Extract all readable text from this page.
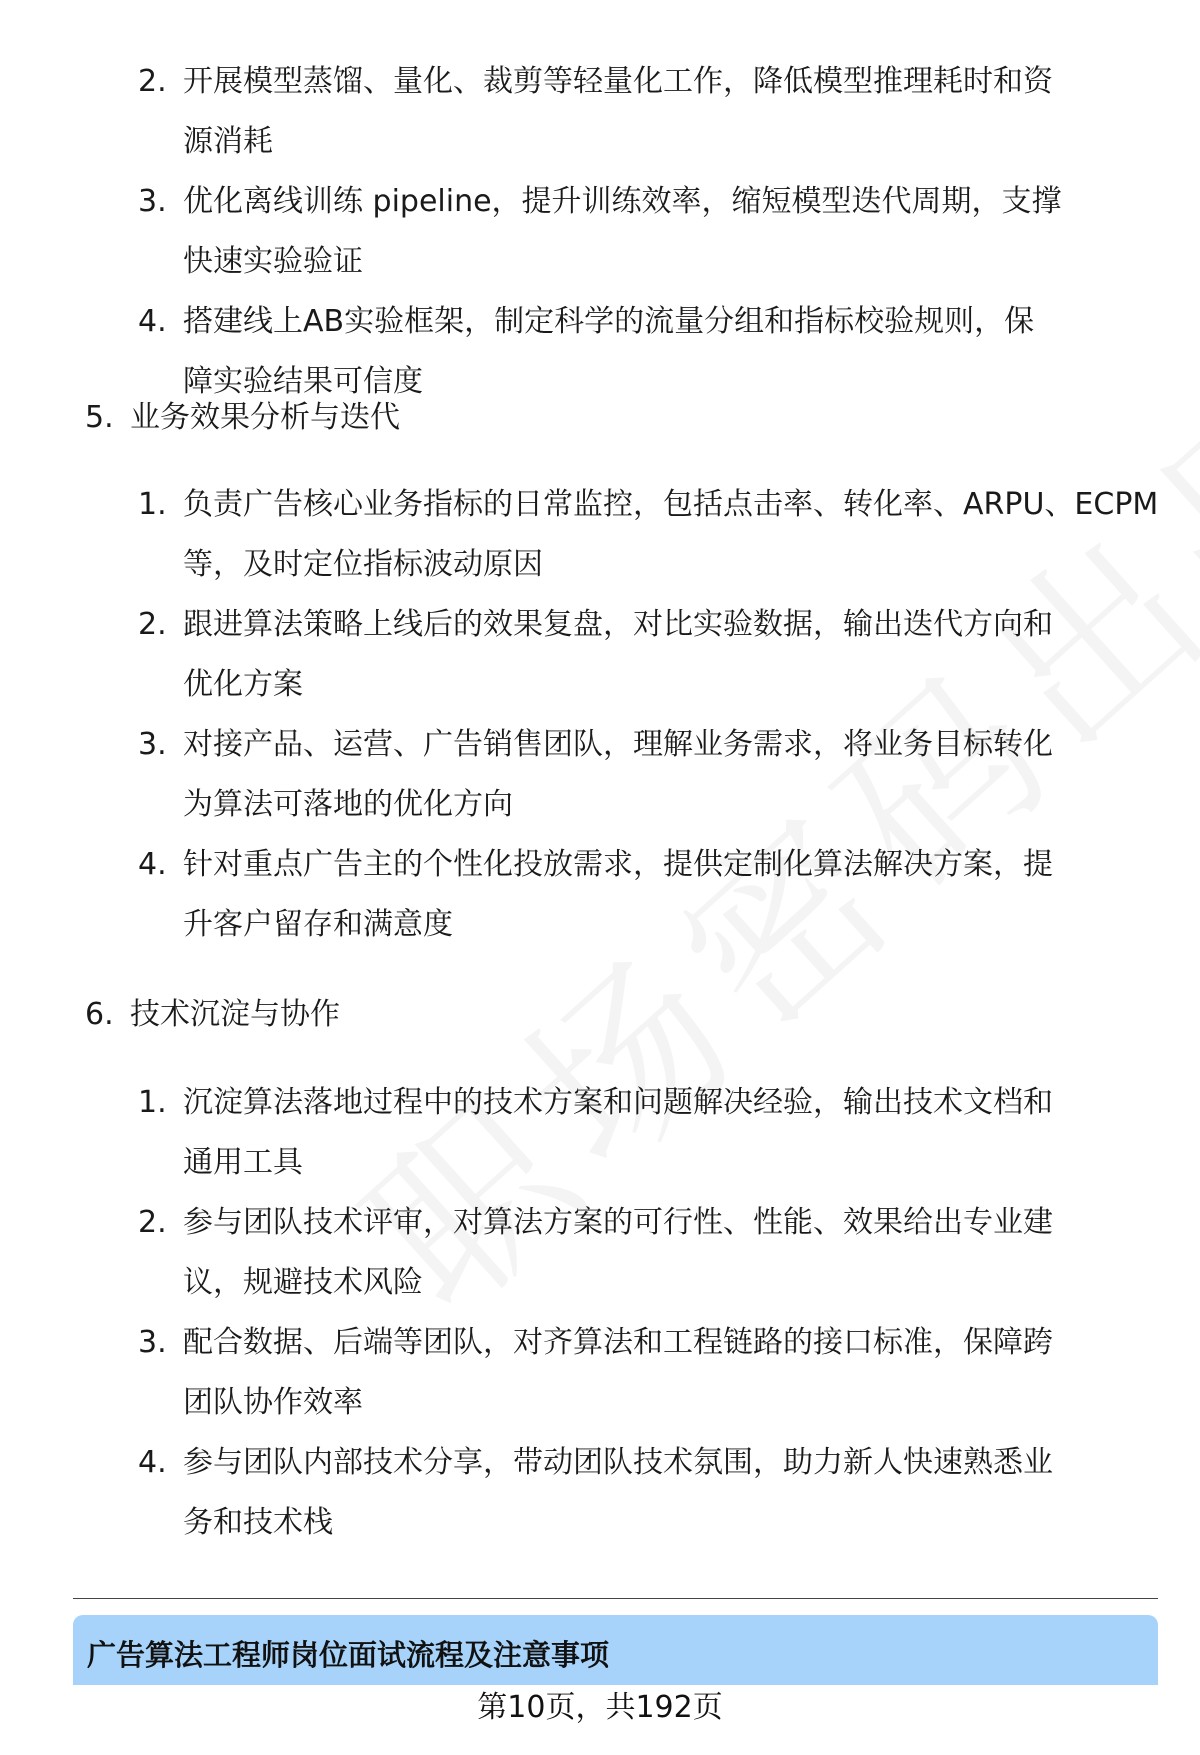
2. 开展模型蒸馏、量化、裁剪等轻量化工作，降低模型推理耗时和资源消耗
3. 优化离线训练 pipeline，提升训练效率，缩短模型迭代周期，支撑快速实验验证
4. 搭建线上AB实验框架，制定科学的流量分组和指标校验规则，保障实验结果可信度
5. 业务效果分析与迭代
1. 负责广告核心业务指标的日常监控，包括点击率、转化率、ARPU、ECPM等，及时定位指标波动原因
2. 跟进算法策略上线后的效果复盘，对比实验数据，输出迭代方向和优化方案
3. 对接产品、运营、广告销售团队，理解业务需求，将业务目标转化为算法可落地的优化方向
4. 针对重点广告主的个性化投放需求，提供定制化算法解决方案，提升客户留存和满意度
6. 技术沉淀与协作
1. 沉淀算法落地过程中的技术方案和问题解决经验，输出技术文档和通用工具
2. 参与团队技术评审，对算法方案的可行性、性能、效果给出专业建议，规避技术风险
3. 配合数据、后端等团队，对齐算法和工程链路的接口标准，保障跨团队协作效率
4. 参与团队内部技术分享，带动团队技术氛围，助力新人快速熟悉业务和技术栈
广告算法工程师岗位面试流程及注意事项
第10页，共192页
